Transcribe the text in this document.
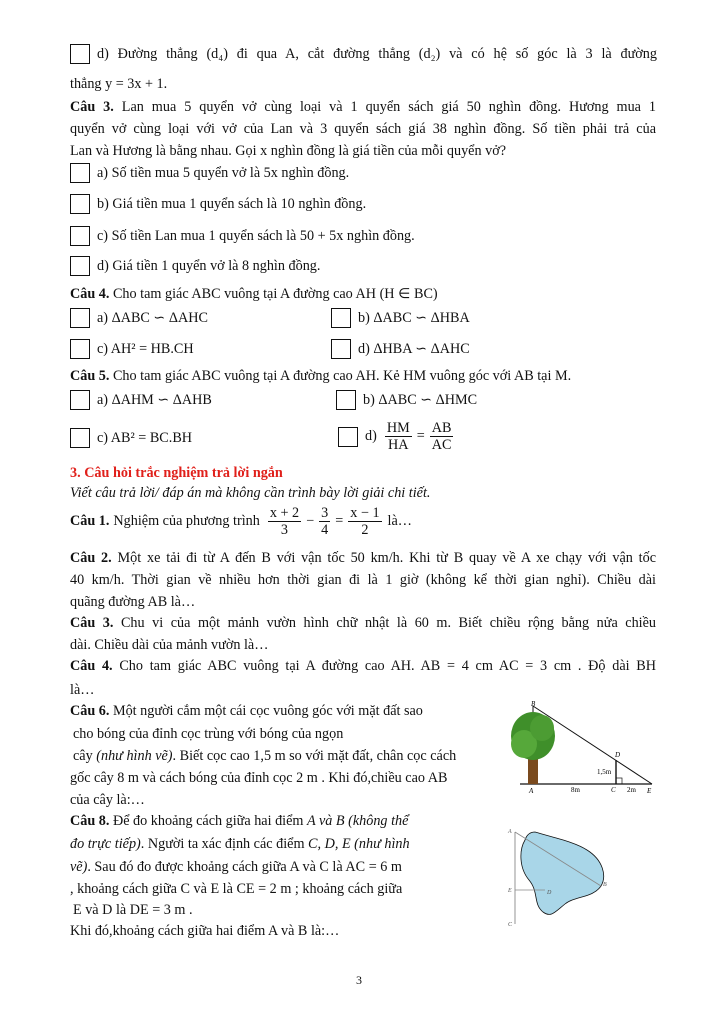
d) Đường thẳng (d₄) đi qua A, cắt đường thẳng (d₂) và có hệ số góc là 3 là đường
thẳng y = 3x + 1.
Câu 3. Lan mua 5 quyển vở cùng loại và 1 quyển sách giá 50 nghìn đồng. Hương mua 1
quyển vở cùng loại với vở của Lan và 3 quyển sách giá 38 nghìn đồng. Số tiền phải trả của
Lan và Hương là bằng nhau. Gọi x nghìn đồng là giá tiền của mỗi quyển vở?
a) Số tiền mua 5 quyển vở là 5x nghìn đồng.
b) Giá tiền mua 1 quyển sách là 10 nghìn đồng.
c) Số tiền Lan mua 1 quyển sách là 50 + 5x nghìn đồng.
d) Giá tiền 1 quyển vở là 8 nghìn đồng.
Câu 4. Cho tam giác ABC vuông tại A đường cao AH (H ∈ BC)
a) ΔABC ∽ ΔAHC	b) ΔABC ∽ ΔHBA
c) AH² = HB.CH	d) ΔHBA ∽ ΔAHC
Câu 5. Cho tam giác ABC vuông tại A đường cao AH. Kẻ HM vuông góc với AB tại M.
a) ΔAHM ∽ ΔAHB	b) ΔABC ∽ ΔHMC
c) AB² = BC.BH	$d) \frac{HM}{HA} = \frac{AB}{AC}$
3. Câu hỏi trắc nghiệm trả lời ngắn
Viết câu trả lời/ đáp án mà không cần trình bày lời giải chi tiết.
Câu 1. Nghiệm của phương trình $\frac{x + 2}{3} - \frac{3}{4} = \frac{x - 1}{2}$ là…
Câu 2. Một xe tải đi từ A đến B với vận tốc 50 km/h. Khi từ B quay về A xe chạy với vận tốc
40 km/h. Thời gian về nhiều hơn thời gian đi là 1 giờ (không kể thời gian nghỉ). Chiều dài
quãng đường AB là…
Câu 3. Chu vi của một mảnh vườn hình chữ nhật là 60 m. Biết chiều rộng bằng nửa chiều
dài. Chiều dài của mảnh vườn là…
Câu 4. Cho tam giác ABC vuông tại A đường cao AH. AB = 4 cm AC = 3 cm . Độ dài BH
là…
Câu 6. Một người cắm một cái cọc vuông góc với mặt đất sao
cho bóng của đỉnh cọc trùng với bóng của ngọn
cây (như hình vẽ). Biết cọc cao 1,5 m so với mặt đất, chân cọc cách
gốc cây 8 m và cách bóng của đỉnh cọc 2 m . Khi đó,chiều cao AB
của cây là:…
B
D
A	C	E
1,5m
8m	2m
Câu 8. Để đo khoảng cách giữa hai điểm A và B (không thể
đo trực tiếp). Người ta xác định các điểm C, D, E (như hình
vẽ). Sau đó đo được khoảng cách giữa A và C là AC = 6 m
, khoảng cách giữa C và E là CE = 2 m ; khoảng cách giữa
E và D là DE = 3 m .
Khi đó,khoảng cách giữa hai điểm A và B là:…
A
B
E	D
C
3
